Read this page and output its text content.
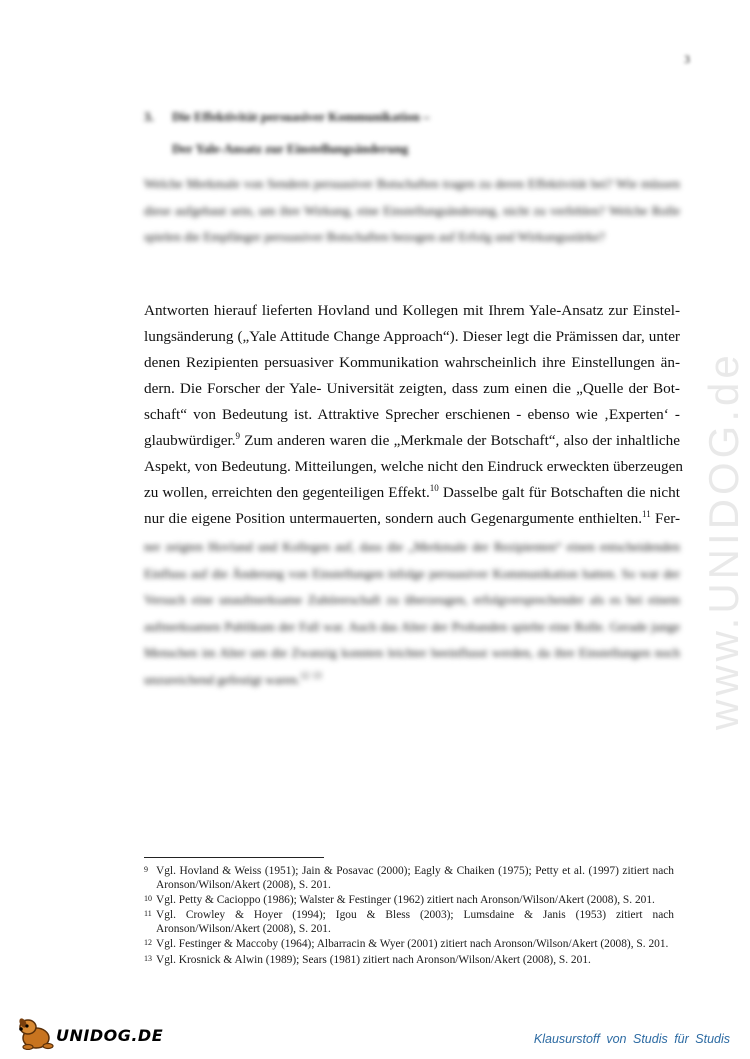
3
3. Die Effektivität persuasiver Kommunikation –
Der Yale-Ansatz zur Einstellungsänderung
Welche Merkmale von Sendern persuasiver Botschaften tragen zu deren Effektivität bei? Wie müssen diese aufgebaut sein, um ihre Wirkung, eine Einstellungsänderung, nicht zu verfehlen? Welche Rolle spielen die Empfänger persuasiver Botschaften bezogen auf Erfolg und Wirkungsstärke?
Antworten hierauf lieferten Hovland und Kollegen mit Ihrem Yale-Ansatz zur Einstel-
lungsänderung („Yale Attitude Change Approach“). Dieser legt die Prämissen dar, unter
denen Rezipienten persuasiver Kommunikation wahrscheinlich ihre Einstellungen än-
dern. Die Forscher der Yale- Universität zeigten, dass zum einen die „Quelle der Bot-
schaft“ von Bedeutung ist. Attraktive Sprecher erschienen - ebenso wie ‚Experten‘ -
glaubwürdiger.$^9$ Zum anderen waren die „Merkmale der Botschaft“, also der inhaltliche
Aspekt, von Bedeutung. Mitteilungen, welche nicht den Eindruck erweckten überzeugen
zu wollen, erreichten den gegenteiligen Effekt.$^{10}$ Dasselbe galt für Botschaften die nicht
nur die eigene Position untermauerten, sondern auch Gegenargumente enthielten.$^{11}$ Fer-
ner zeigten Hovland und Kollegen auf, dass die „Merkmale der Rezipienten“ einen entscheidenden Einfluss auf die Änderung von Einstellungen infolge persuasiver Kommunikation hatten. So war der Versuch eine unaufmerksame Zuhörerschaft zu überzeugen, erfolgversprechender als es bei einem aufmerksamen Publikum der Fall war. Auch das Alter der Probanden spielte eine Rolle. Gerade junge Menschen im Alter um die Zwanzig konnten leichter beeinflusst werden, da ihre Einstellungen noch unzureichend gefestigt waren.$^{12}$ $^{13}$	www.UNIDOG.de
9 Vgl. Hovland & Weiss (1951); Jain & Posavac (2000); Eagly & Chaiken (1975); Petty et al. (1997) zitiert nach Aronson/Wilson/Akert (2008), S. 201.
10 Vgl. Petty & Cacioppo (1986); Walster & Festinger (1962) zitiert nach Aronson/Wilson/Akert (2008), S. 201.
11 Vgl. Crowley & Hoyer (1994); Igou & Bless (2003); Lumsdaine & Janis (1953) zitiert nach Aronson/Wilson/Akert (2008), S. 201.
12 Vgl. Festinger & Maccoby (1964); Albarracin & Wyer (2001) zitiert nach Aronson/Wilson/Akert (2008), S. 201.
13 Vgl. Krosnick & Alwin (1989); Sears (1981) zitiert nach Aronson/Wilson/Akert (2008), S. 201.
UNIDOG.DE	Klausurstoff von Studis für Studis
